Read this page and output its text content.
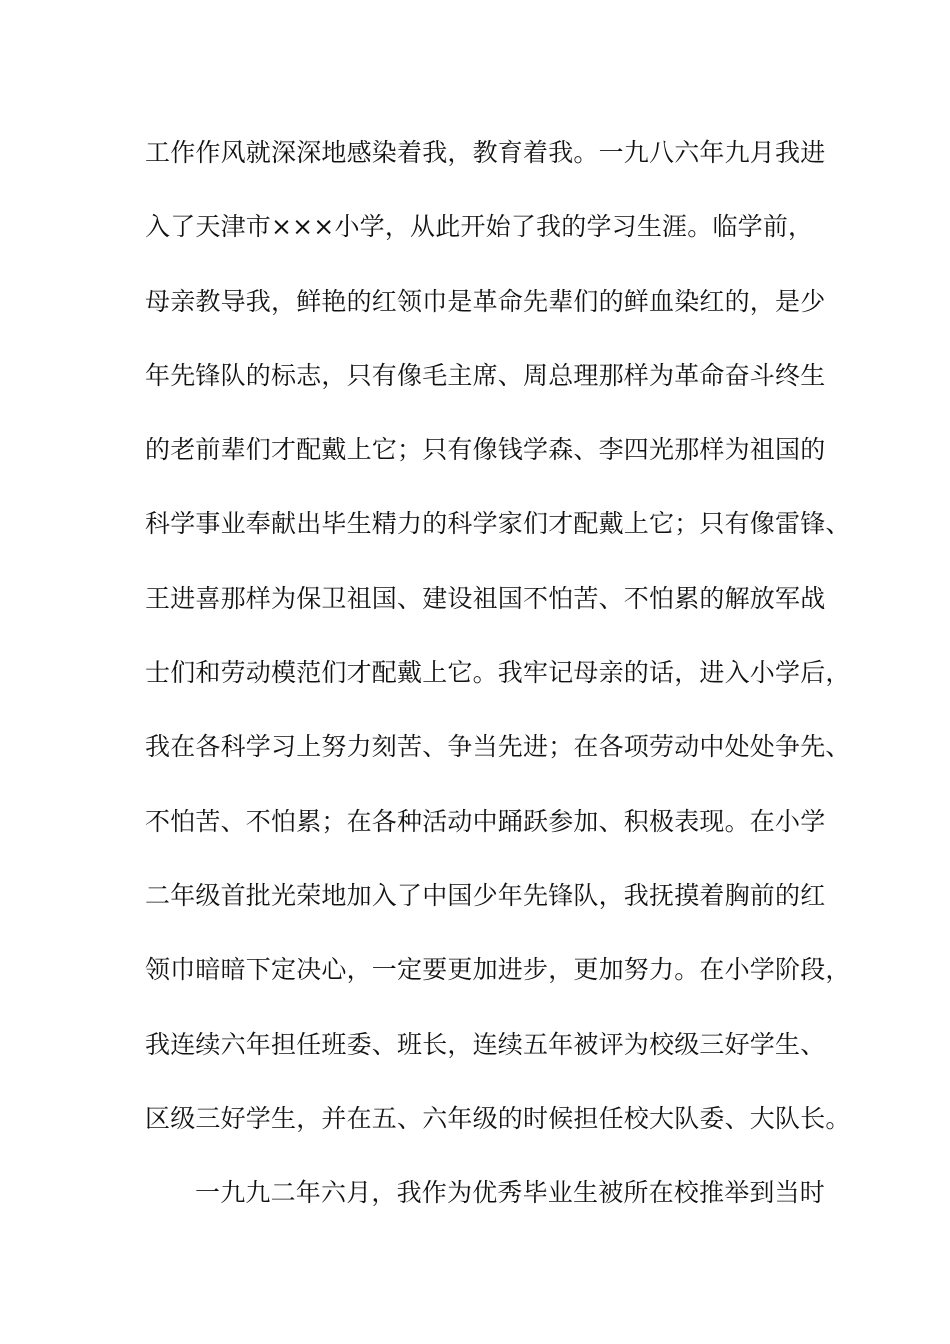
工作作风就深深地感染着我，教育着我。一九八六年九月我进
入了天津市×××小学，从此开始了我的学习生涯。临学前，
母亲教导我，鲜艳的红领巾是革命先辈们的鲜血染红的，是少
年先锋队的标志，只有像毛主席、周总理那样为革命奋斗终生
的老前辈们才配戴上它；只有像钱学森、李四光那样为祖国的
科学事业奉献出毕生精力的科学家们才配戴上它；只有像雷锋、
王进喜那样为保卫祖国、建设祖国不怕苦、不怕累的解放军战
士们和劳动模范们才配戴上它。我牢记母亲的话，进入小学后，
我在各科学习上努力刻苦、争当先进；在各项劳动中处处争先、
不怕苦、不怕累；在各种活动中踊跃参加、积极表现。在小学
二年级首批光荣地加入了中国少年先锋队，我抚摸着胸前的红
领巾暗暗下定决心，一定要更加进步，更加努力。在小学阶段，
我连续六年担任班委、班长，连续五年被评为校级三好学生、
区级三好学生，并在五、六年级的时候担任校大队委、大队长。
一九九二年六月，我作为优秀毕业生被所在校推举到当时
